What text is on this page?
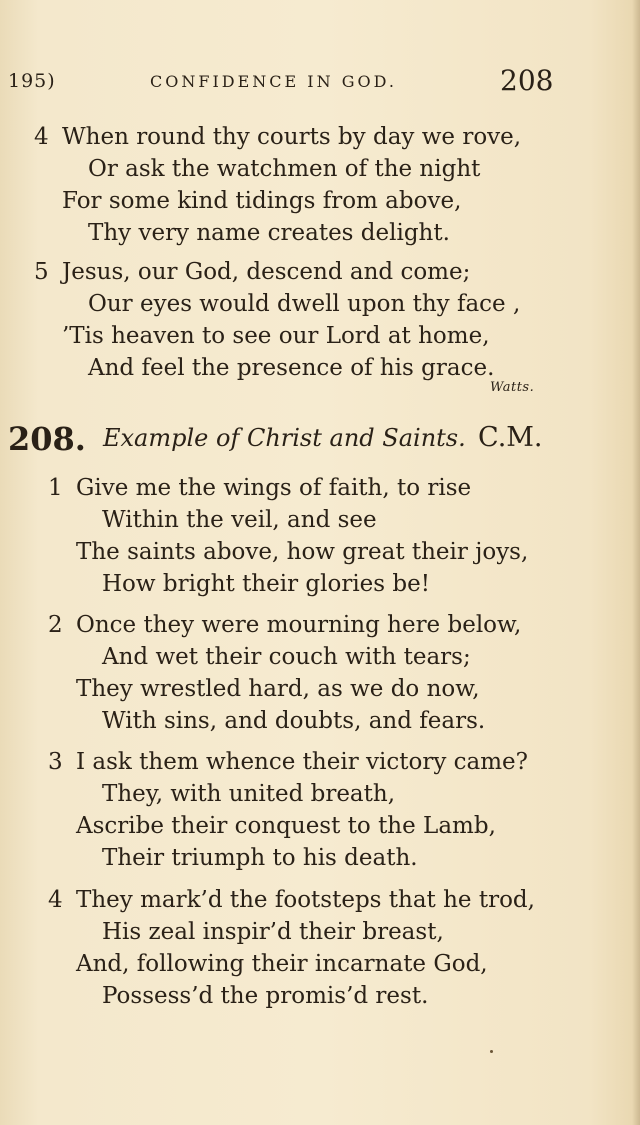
195)	CONFIDENCE IN GOD.	208
4 When round thy courts by day we rove,
Or ask the watchmen of the night
For some kind tidings from above,
Thy very name creates delight.
5 Jesus, our God, descend and come;
Our eyes would dwell upon thy face ,
’Tis heaven to see our Lord at home,
And feel the presence of his grace.
Watts.
208. Example of Christ and Saints. C.M.
1 Give me the wings of faith, to rise
Within the veil, and see
The saints above, how great their joys,
How bright their glories be!
2 Once they were mourning here below,
And wet their couch with tears;
They wrestled hard, as we do now,
With sins, and doubts, and fears.
3 I ask them whence their victory came?
They, with united breath,
Ascribe their conquest to the Lamb,
Their triumph to his death.
4 They mark’d the footsteps that he trod,
His zeal inspir’d their breast,
And, following their incarnate God,
Possess’d the promis’d rest.
